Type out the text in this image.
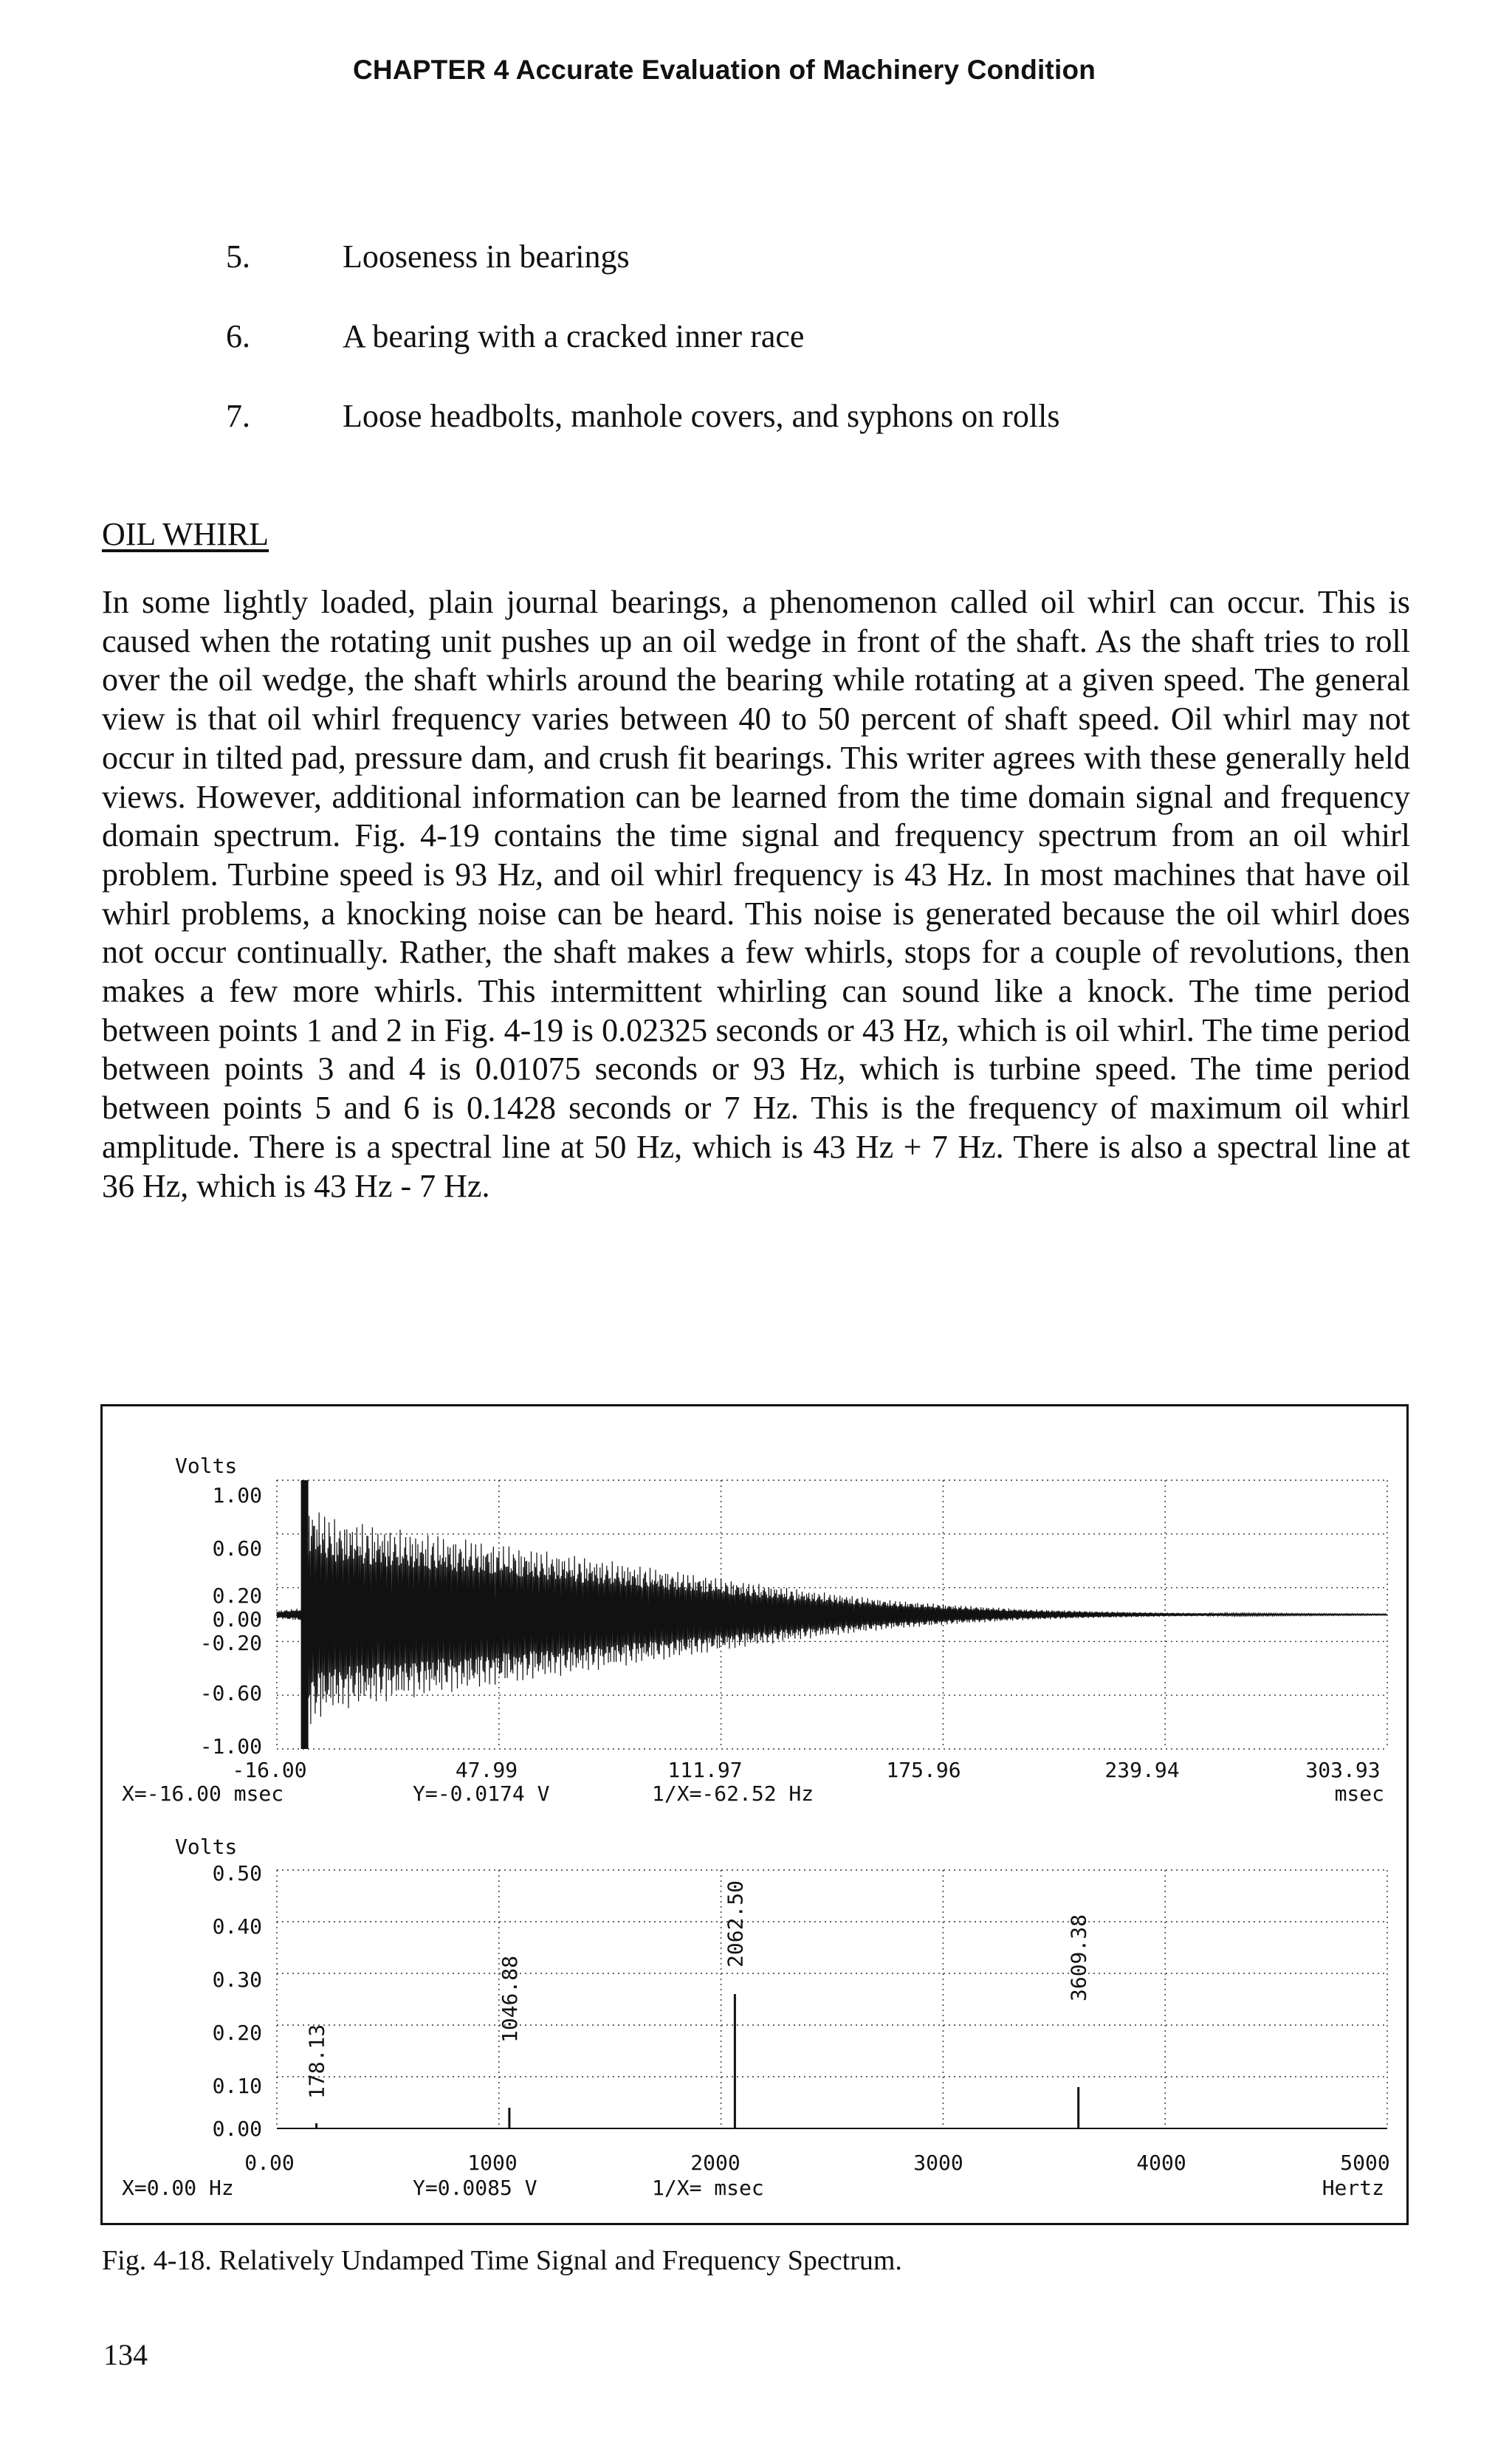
CHAPTER 4 Accurate Evaluation of Machinery Condition
5.	Looseness in bearings
6.	A bearing with a cracked inner race
7.	Loose headbolts, manhole covers, and syphons on rolls
OIL WHIRL

In some lightly loaded, plain journal bearings, a phenomenon called oil whirl can occur. This is caused when the rotating unit pushes up an oil wedge in front of the shaft. As the shaft tries to roll over the oil wedge, the shaft whirls around the bearing while rotating at a given speed. The general view is that oil whirl frequency varies between 40 to 50 percent of shaft speed. Oil whirl may not occur in tilted pad, pressure dam, and crush fit bearings. This writer agrees with these generally held views. However, additional information can be learned from the time domain signal and frequency domain spectrum. Fig. 4-19 contains the time signal and frequency spectrum from an oil whirl problem. Turbine speed is 93 Hz, and oil whirl frequency is 43 Hz. In most machines that have oil whirl problems, a knocking noise can be heard. This noise is generated because the oil whirl does not occur continually. Rather, the shaft makes a few whirls, stops for a couple of revolutions, then makes a few more whirls. This intermittent whirling can sound like a knock. The time period between points 1 and 2 in Fig. 4-19 is 0.02325 seconds or 43 Hz, which is oil whirl. The time period between points 3 and 4 is 0.01075 seconds or 93 Hz, which is turbine speed. The time period between points 5 and 6 is 0.1428 seconds or 7 Hz. This is the frequency of maximum oil whirl amplitude. There is a spectral line at 50 Hz, which is 43 Hz + 7 Hz. There is also a spectral line at 36 Hz, which is 43 Hz - 7 Hz.

Volts
1.00
0.60
0.20
0.00
-0.20
-0.60
-1.00
-16.00	47.99	111.97	175.96	239.94	303.93
X=-16.00 msec	Y=-0.0174 V	1/X=-62.52 Hz	msec
Volts
0.50
0.40
0.30
0.20
0.10
0.00
0.00	1000	2000	3000	4000	5000
X=0.00 Hz	Y=0.0085 V	1/X= msec	Hertz
178.13
1046.88
2062.50	3609.38
Fig. 4-18. Relatively Undamped Time Signal and Frequency Spectrum.
134
